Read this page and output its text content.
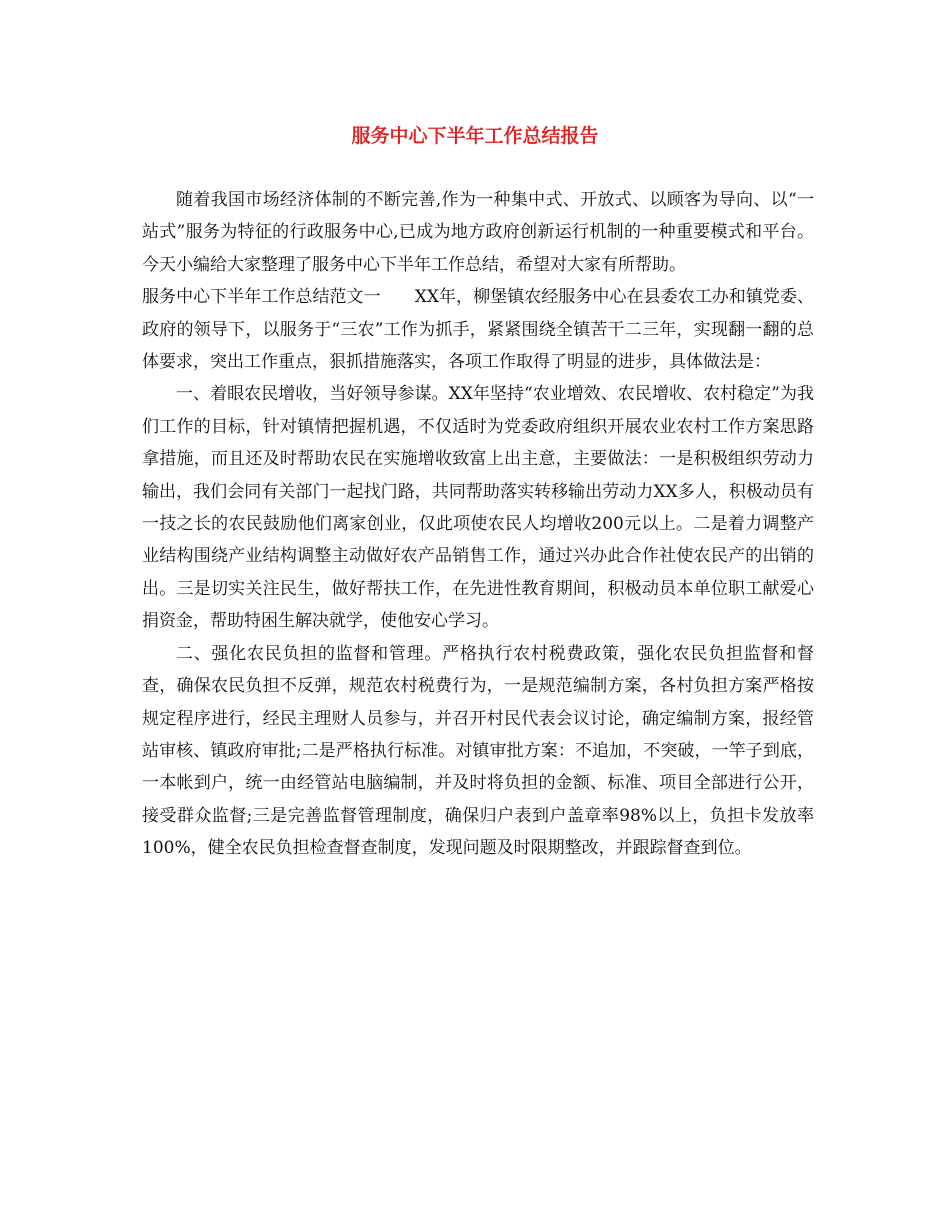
服务中心下半年工作总结报告

随着我国市场经济体制的不断完善,作为一种集中式、开放式、以顾客为导向、以“一站式”服务为特征的行政服务中心,已成为地方政府创新运行机制的一种重要模式和平台。今天小编给大家整理了服务中心下半年工作总结，希望对大家有所帮助。

服务中心下半年工作总结范文一　　XX年，柳堡镇农经服务中心在县委农工办和镇党委、政府的领导下，以服务于“三农”工作为抓手，紧紧围绕全镇苦干二三年，实现翻一翻的总体要求，突出工作重点，狠抓措施落实，各项工作取得了明显的进步，具体做法是：

一、着眼农民增收，当好领导参谋。XX年坚持“农业增效、农民增收、农村稳定”为我们工作的目标，针对镇情把握机遇，不仅适时为党委政府组织开展农业农村工作方案思路拿措施，而且还及时帮助农民在实施增收致富上出主意，主要做法：一是积极组织劳动力输出，我们会同有关部门一起找门路，共同帮助落实转移输出劳动力XX多人，积极动员有一技之长的农民鼓励他们离家创业，仅此项使农民人均增收200元以上。二是着力调整产业结构围绕产业结构调整主动做好农产品销售工作，通过兴办此合作社使农民产的出销的出。三是切实关注民生，做好帮扶工作，在先进性教育期间，积极动员本单位职工献爱心捐资金，帮助特困生解决就学，使他安心学习。

二、强化农民负担的监督和管理。严格执行农村税费政策，强化农民负担监督和督查，确保农民负担不反弹，规范农村税费行为，一是规范编制方案，各村负担方案严格按规定程序进行，经民主理财人员参与，并召开村民代表会议讨论，确定编制方案，报经管站审核、镇政府审批;二是严格执行标准。对镇审批方案：不追加，不突破，一竿子到底，一本帐到户，统一由经管站电脑编制，并及时将负担的金额、标准、项目全部进行公开，接受群众监督;三是完善监督管理制度，确保归户表到户盖章率98%以上，负担卡发放率100%，健全农民负担检查督查制度，发现问题及时限期整改，并跟踪督查到位。
